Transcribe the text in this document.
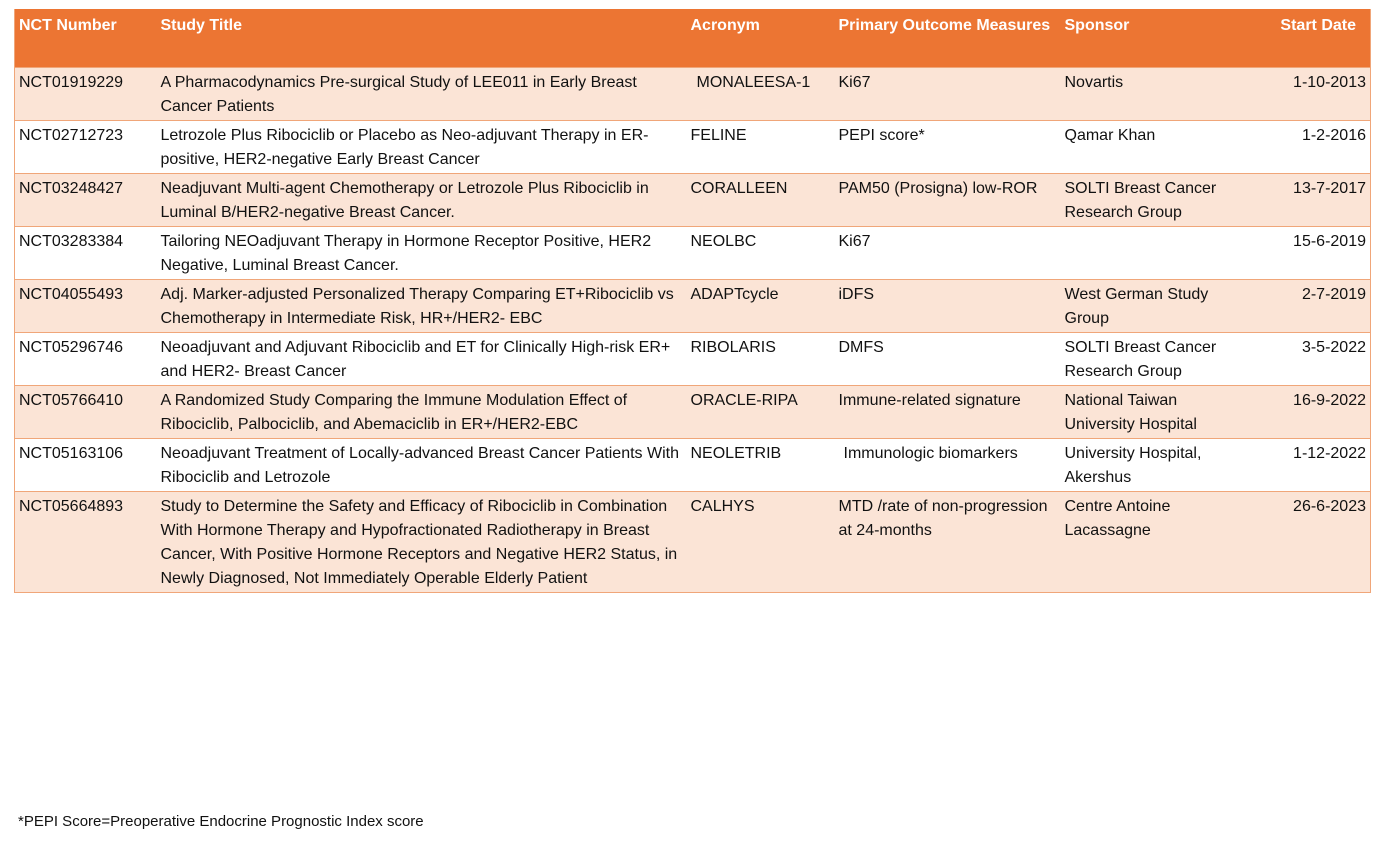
NCT Number	Study Title	Acronym	Primary Outcome Measures	Sponsor	Start Date
NCT01919229	A Pharmacodynamics Pre-surgical Study of LEE011 in Early Breast Cancer Patients	MONALEESA-1	Ki67	Novartis	1-10-2013
NCT02712723	Letrozole Plus Ribociclib or Placebo as Neo-adjuvant Therapy in ER-positive, HER2-negative Early Breast Cancer	FELINE	PEPI score*	Qamar Khan	1-2-2016
NCT03248427	Neadjuvant Multi-agent Chemotherapy or Letrozole Plus Ribociclib in Luminal B/HER2-negative Breast Cancer.	CORALLEEN	PAM50 (Prosigna) low-ROR	SOLTI Breast Cancer Research Group	13-7-2017
NCT03283384	Tailoring NEOadjuvant Therapy in Hormone Receptor Positive, HER2 Negative, Luminal Breast Cancer.	NEOLBC	Ki67		15-6-2019
NCT04055493	Adj. Marker-adjusted Personalized Therapy Comparing ET+Ribociclib vs Chemotherapy in Intermediate Risk, HR+/HER2- EBC	ADAPTcycle	iDFS	West German Study Group	2-7-2019
NCT05296746	Neoadjuvant and Adjuvant Ribociclib and ET for Clinically High-risk ER+ and HER2- Breast Cancer	RIBOLARIS	DMFS	SOLTI Breast Cancer Research Group	3-5-2022
NCT05766410	A Randomized Study Comparing the Immune Modulation Effect of Ribociclib, Palbociclib, and Abemaciclib in ER+/HER2-EBC	ORACLE-RIPA	Immune-related signature	National Taiwan University Hospital	16-9-2022
NCT05163106	Neoadjuvant Treatment of Locally-advanced Breast Cancer Patients With Ribociclib and Letrozole	NEOLETRIB	Immunologic biomarkers	University Hospital, Akershus	1-12-2022
NCT05664893	Study to Determine the Safety and Efficacy of Ribociclib in Combination With Hormone Therapy and Hypofractionated Radiotherapy in Breast Cancer, With Positive Hormone Receptors and Negative HER2 Status, in Newly Diagnosed, Not Immediately Operable Elderly Patient	CALHYS	MTD /rate of non-progression at 24-months	Centre Antoine Lacassagne	26-6-2023
*PEPI Score=Preoperative Endocrine Prognostic Index score
